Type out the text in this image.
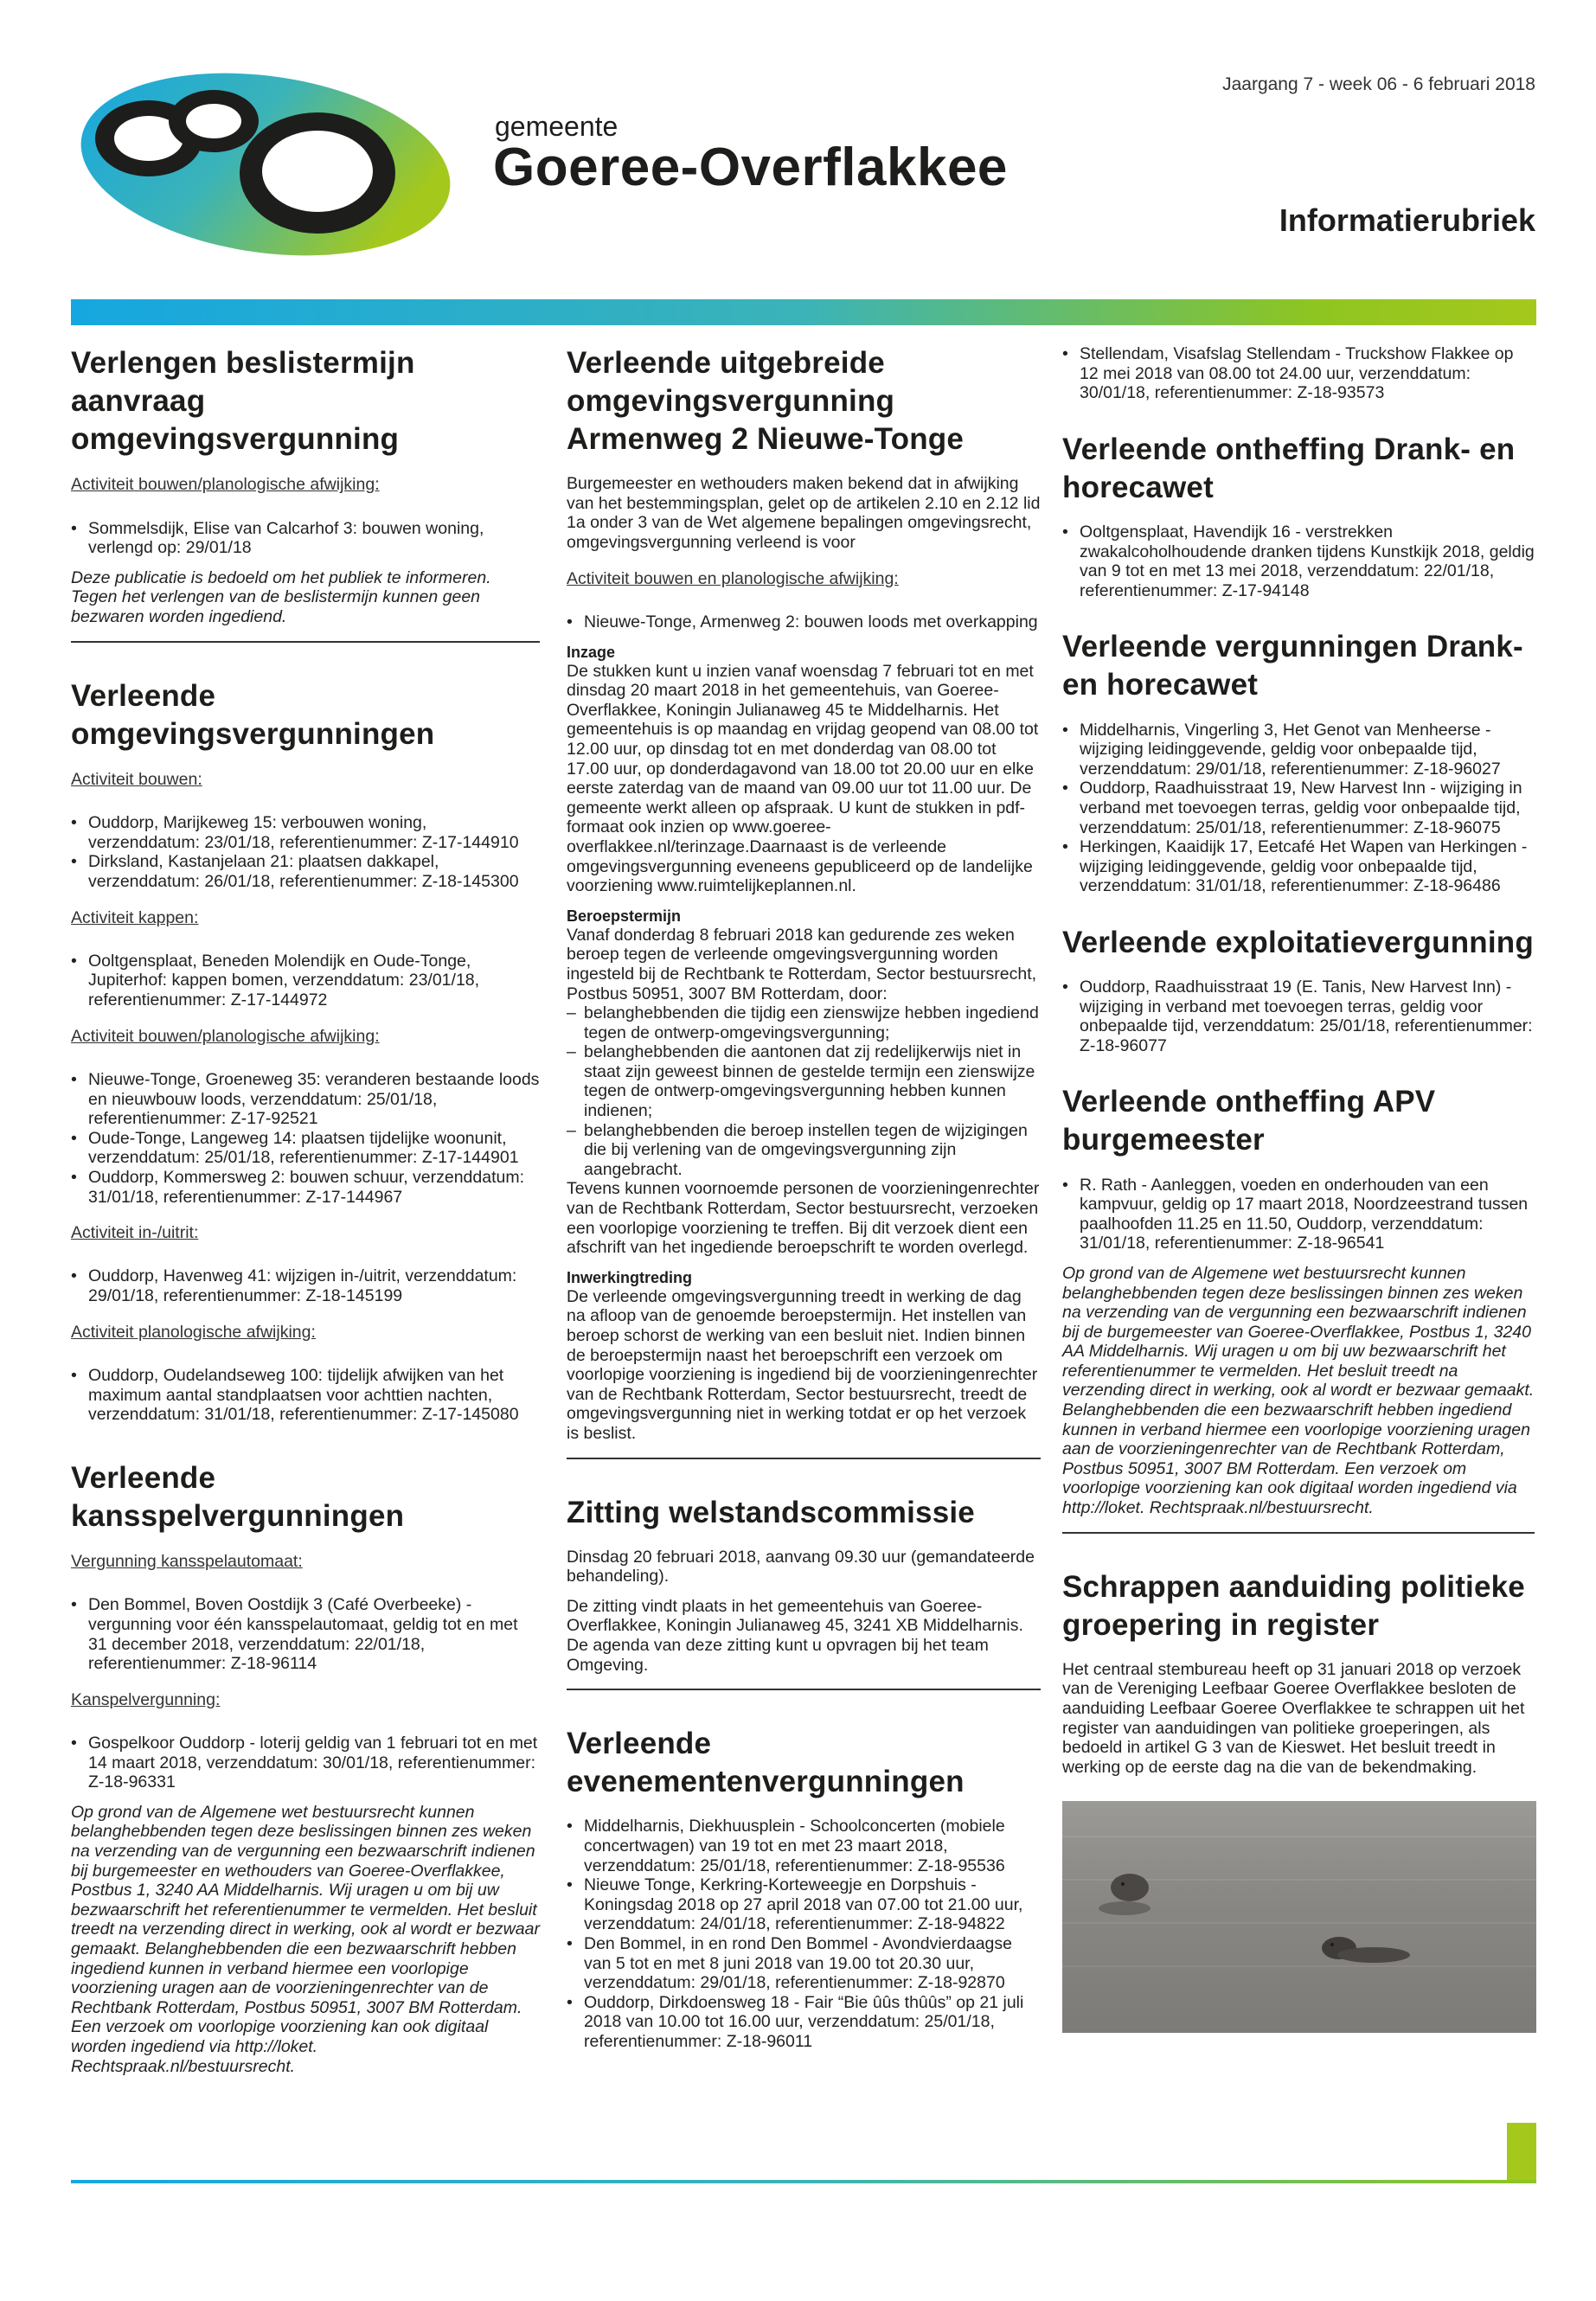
gemeente
Goeree-Overflakkee
Jaargang 7 - week 06 - 6 februari 2018
Informatierubriek
Verlengen beslistermijn aanvraag omgevingsvergunning
Activiteit bouwen/planologische afwijking:
• Sommelsdijk, Elise van Calcarhof 3: bouwen woning, verlengd op: 29/01/18

Deze publicatie is bedoeld om het publiek te informeren. Tegen het verlengen van de beslistermijn kunnen geen bezwaren worden ingediend.

Verleende omgevingsvergunningen
Activiteit bouwen:
• Ouddorp, Marijkeweg 15: verbouwen woning, verzenddatum: 23/01/18, referentienummer: Z-17-144910
• Dirksland, Kastanjelaan 21: plaatsen dakkapel, verzenddatum: 26/01/18, referentienummer: Z-18-145300
Activiteit kappen:
• Ooltgensplaat, Beneden Molendijk en Oude-Tonge, Jupiterhof: kappen bomen, verzenddatum: 23/01/18, referentienummer: Z-17-144972
Activiteit bouwen/planologische afwijking:
• Nieuwe-Tonge, Groeneweg 35: veranderen bestaande loods en nieuwbouw loods, verzenddatum: 25/01/18, referentienummer: Z-17-92521
• Oude-Tonge, Langeweg 14: plaatsen tijdelijke woonunit, verzenddatum: 25/01/18, referentienummer: Z-17-144901
• Ouddorp, Kommersweg 2: bouwen schuur, verzenddatum: 31/01/18, referentienummer: Z-17-144967
Activiteit in-/uitrit:
• Ouddorp, Havenweg 41: wijzigen in-/uitrit, verzenddatum: 29/01/18, referentienummer: Z-18-145199
Activiteit planologische afwijking:
• Ouddorp, Oudelandseweg 100: tijdelijk afwijken van het maximum aantal standplaatsen voor achttien nachten, verzenddatum: 31/01/18, referentienummer: Z-17-145080
Verleende kansspelvergunningen
Vergunning kansspelautomaat:
• Den Bommel, Boven Oostdijk 3 (Café Overbeeke) - vergunning voor één kansspelautomaat, geldig tot en met 31 december 2018, verzenddatum: 22/01/18, referentienummer: Z-18-96114
Kanspelvergunning:
• Gospelkoor Ouddorp - loterij geldig van 1 februari tot en met 14 maart 2018, verzenddatum: 30/01/18, referentienummer: Z-18-96331

Op grond van de Algemene wet bestuursrecht kunnen belanghebbenden tegen deze beslissingen binnen zes weken na verzending van de vergunning een bezwaarschrift indienen bij burgemeester en wethouders van Goeree-Overflakkee, Postbus 1, 3240 AA Middelharnis. Wij uragen u om bij uw bezwaarschrift het referentienummer te vermelden. Het besluit treedt na verzending direct in werking, ook al wordt er bezwaar gemaakt. Belanghebbenden die een bezwaarschrift hebben ingediend kunnen in verband hiermee een voorlopige voorziening uragen aan de voorzieningenrechter van de Rechtbank Rotterdam, Postbus 50951, 3007 BM Rotterdam. Een verzoek om voorlopige voorziening kan ook digitaal worden ingediend via http://loket. Rechtspraak.nl/bestuursrecht.

Verleende uitgebreide omgevingsvergunning Armenweg 2 Nieuwe-Tonge

Burgemeester en wethouders maken bekend dat in afwijking van het bestemmingsplan, gelet op de artikelen 2.10 en 2.12 lid 1a onder 3 van de Wet algemene bepalingen omgevingsrecht, omgevingsvergunning verleend is voor

Activiteit bouwen en planologische afwijking:
• Nieuwe-Tonge, Armenweg 2: bouwen loods met overkapping
Inzage

De stukken kunt u inzien vanaf woensdag 7 februari tot en met dinsdag 20 maart 2018 in het gemeentehuis, van Goeree-Overflakkee, Koningin Julianaweg 45 te Middelharnis. Het gemeentehuis is op maandag en vrijdag geopend van 08.00 tot 12.00 uur, op dinsdag tot en met donderdag van 08.00 tot 17.00 uur, op donderdagavond van 18.00 tot 20.00 uur en elke eerste zaterdag van de maand van 09.00 uur tot 11.00 uur. De gemeente werkt alleen op afspraak. U kunt de stukken in pdf-formaat ook inzien op www.goeree-overflakkee.nl/terinzage.Daarnaast is de verleende omgevingsvergunning eveneens gepubliceerd op de landelijke voorziening www.ruimtelijkeplannen.nl.

Beroepstermijn

Vanaf donderdag 8 februari 2018 kan gedurende zes weken beroep tegen de verleende omgevingsvergunning worden ingesteld bij de Rechtbank te Rotterdam, Sector bestuursrecht, Postbus 50951, 3007 BM Rotterdam, door:

– belanghebbenden die tijdig een zienswijze hebben ingediend tegen de ontwerp-omgevingsvergunning;
– belanghebbenden die aantonen dat zij redelijkerwijs niet in staat zijn geweest binnen de gestelde termijn een zienswijze tegen de ontwerp-omgevingsvergunning hebben kunnen indienen;
– belanghebbenden die beroep instellen tegen de wijzigingen die bij verlening van de omgevingsvergunning zijn aangebracht.

Tevens kunnen voornoemde personen de voorzieningenrechter van de Rechtbank Rotterdam, Sector bestuursrecht, verzoeken een voorlopige voorziening te treffen. Bij dit verzoek dient een afschrift van het ingediende beroepschrift te worden overlegd.

Inwerkingtreding

De verleende omgevingsvergunning treedt in werking de dag na afloop van de genoemde beroepstermijn. Het instellen van beroep schorst de werking van een besluit niet. Indien binnen de beroepstermijn naast het beroepschrift een verzoek om voorlopige voorziening is ingediend bij de voorzieningenrechter van de Rechtbank Rotterdam, Sector bestuursrecht, treedt de omgevingsvergunning niet in werking totdat er op het verzoek is beslist.

Zitting welstandscommissie

Dinsdag 20 februari 2018, aanvang 09.30 uur (gemandateerde behandeling).

De zitting vindt plaats in het gemeentehuis van Goeree-Overflakkee, Koningin Julianaweg 45, 3241 XB Middelharnis. De agenda van deze zitting kunt u opvragen bij het team Omgeving.

Verleende evenementenvergunningen
• Middelharnis, Diekhuusplein - Schoolconcerten (mobiele concertwagen) van 19 tot en met 23 maart 2018, verzenddatum: 25/01/18, referentienummer: Z-18-95536
• Nieuwe Tonge, Kerkring-Korteweegje en Dorpshuis - Koningsdag 2018 op 27 april 2018 van 07.00 tot 21.00 uur, verzenddatum: 24/01/18, referentienummer: Z-18-94822
• Den Bommel, in en rond Den Bommel - Avondvierdaagse van 5 tot en met 8 juni 2018 van 19.00 tot 20.30 uur, verzenddatum: 29/01/18, referentienummer: Z-18-92870
• Ouddorp, Dirkdoensweg 18 - Fair “Bie ûûs thûûs” op 21 juli 2018 van 10.00 tot 16.00 uur, verzenddatum: 25/01/18, referentienummer: Z-18-96011
• Stellendam, Visafslag Stellendam - Truckshow Flakkee op 12 mei 2018 van 08.00 tot 24.00 uur, verzenddatum: 30/01/18, referentienummer: Z-18-93573
Verleende ontheffing Drank- en horecawet
• Ooltgensplaat, Havendijk 16 - verstrekken zwakalcoholhoudende dranken tijdens Kunstkijk 2018, geldig van 9 tot en met 13 mei 2018, verzenddatum: 22/01/18, referentienummer: Z-17-94148
Verleende vergunningen Drank- en horecawet
• Middelharnis, Vingerling 3, Het Genot van Menheerse - wijziging leidinggevende, geldig voor onbepaalde tijd, verzenddatum: 29/01/18, referentienummer: Z-18-96027
• Ouddorp, Raadhuisstraat 19, New Harvest Inn - wijziging in verband met toevoegen terras, geldig voor onbepaalde tijd, verzenddatum: 25/01/18, referentienummer: Z-18-96075
• Herkingen, Kaaidijk 17, Eetcafé Het Wapen van Herkingen - wijziging leidinggevende, geldig voor onbepaalde tijd, verzenddatum: 31/01/18, referentienummer: Z-18-96486
Verleende exploitatievergunning
• Ouddorp, Raadhuisstraat 19 (E. Tanis, New Harvest Inn) - wijziging in verband met toevoegen terras, geldig voor onbepaalde tijd, verzenddatum: 25/01/18, referentienummer: Z-18-96077
Verleende ontheffing APV burgemeester
• R. Rath - Aanleggen, voeden en onderhouden van een kampvuur, geldig op 17 maart 2018, Noordzeestrand tussen paalhoofden 11.25 en 11.50, Ouddorp, verzenddatum: 31/01/18, referentienummer: Z-18-96541

Op grond van de Algemene wet bestuursrecht kunnen belanghebbenden tegen deze beslissingen binnen zes weken na verzending van de vergunning een bezwaarschrift indienen bij de burgemeester van Goeree-Overflakkee, Postbus 1, 3240 AA Middelharnis. Wij uragen u om bij uw bezwaarschrift het referentienummer te vermelden. Het besluit treedt na verzending direct in werking, ook al wordt er bezwaar gemaakt. Belanghebbenden die een bezwaarschrift hebben ingediend kunnen in verband hiermee een voorlopige voorziening uragen aan de voorzieningenrechter van de Rechtbank Rotterdam, Postbus 50951, 3007 BM Rotterdam. Een verzoek om voorlopige voorziening kan ook digitaal worden ingediend via http://loket. Rechtspraak.nl/bestuursrecht.

Schrappen aanduiding politieke groepering in register

Het centraal stembureau heeft op 31 januari 2018 op verzoek van de Vereniging Leefbaar Goeree Overflakkee besloten de aanduiding Leefbaar Goeree Overflakkee te schrappen uit het register van aanduidingen van politieke groeperingen, als bedoeld in artikel G 3 van de Kieswet. Het besluit treedt in werking op de eerste dag na die van de bekendmaking.
